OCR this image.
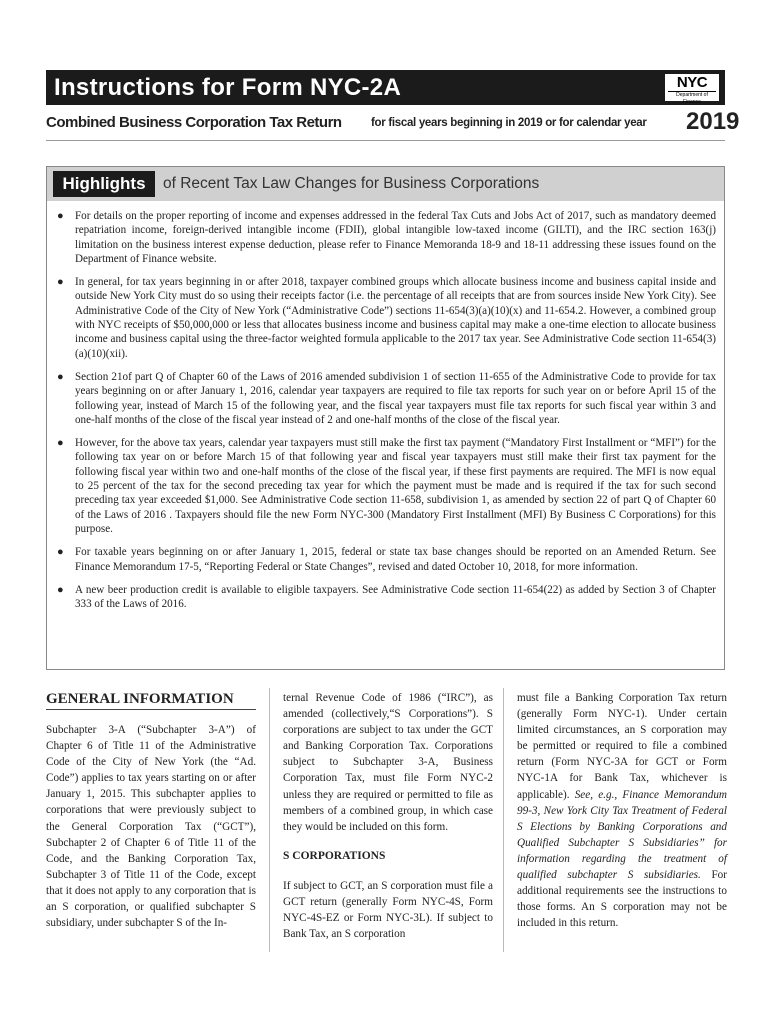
Instructions for Form NYC-2A	NYC
Department of Finance
Combined Business Corporation Tax Return	for fiscal years beginning in 2019 or for calendar year 2019
Highlights	of Recent Tax Law Changes for Business Corporations
● For details on the proper reporting of income and expenses addressed in the federal Tax Cuts and Jobs Act of 2017, such as mandatory deemed repatriation income, foreign-derived intangible income (FDII), global intangible low-taxed income (GILTI), and the IRC section 163(j) limitation on the business interest expense deduction, please refer to Finance Memoranda 18-9 and 18-11 addressing these issues found on the Department of Finance website.
● In general, for tax years beginning in or after 2018, taxpayer combined groups which allocate business income and business capital inside and outside New York City must do so using their receipts factor (i.e. the percentage of all receipts that are from sources inside New York City). See Administrative Code of the City of New York (“Administrative Code”) sections 11-654(3)(a)(10)(x) and 11-654.2. However, a combined group with NYC receipts of $50,000,000 or less that allocates business income and business capital may make a one-time election to allocate business income and business capital using the three-factor weighted formula applicable to the 2017 tax year. See Administrative Code section 11-654(3)(a)(10)(xii).
● Section 21of part Q of Chapter 60 of the Laws of 2016 amended subdivision 1 of section 11-655 of the Administrative Code to provide for tax years beginning on or after January 1, 2016, calendar year taxpayers are required to file tax reports for such year on or before April 15 of the following year, instead of March 15 of the following year, and the fiscal year taxpayers must file tax reports for such fiscal year within 3 and one-half months of the close of the fiscal year instead of 2 and one-half months of the close of the fiscal year.
● However, for the above tax years, calendar year taxpayers must still make the first tax payment (“Mandatory First Installment or “MFI”) for the following tax year on or before March 15 of that following year and fiscal year taxpayers must still make their first tax payment for the following fiscal year within two and one-half months of the close of the fiscal year, if these first payments are required. The MFI is now equal to 25 percent of the tax for the second preceding tax year for which the payment must be made and is required if the tax for such second preceding tax year exceeded $1,000. See Administrative Code section 11-658, subdivision 1, as amended by section 22 of part Q of Chapter 60 of the Laws of 2016 . Taxpayers should file the new Form NYC-300 (Mandatory First Installment (MFI) By Business C Corporations) for this purpose.
● For taxable years beginning on or after January 1, 2015, federal or state tax base changes should be reported on an Amended Return. See Finance Memorandum 17-5, “Reporting Federal or State Changes”, revised and dated October 10, 2018, for more information.
● A new beer production credit is available to eligible taxpayers. See Administrative Code section 11-654(22) as added by Section 3 of Chapter 333 of the Laws of 2016.
GENERAL INFORMATION

Subchapter 3-A (“Subchapter 3-A”) of Chapter 6 of Title 11 of the Administrative Code of the City of New York (the “Ad. Code”) applies to tax years starting on or after January 1, 2015. This subchapter applies to corporations that were previously subject to the General Corporation Tax (“GCT”), Subchapter 2 of Chapter 6 of Title 11 of the Code, and the Banking Corporation Tax, Subchapter 3 of Title 11 of the Code, except that it does not apply to any corporation that is an S corporation, or qualified subchapter S subsidiary, under subchapter S of the In-

ternal Revenue Code of 1986 (“IRC”), as amended (collectively,“S Corporations”). S corporations are subject to tax under the GCT and Banking Corporation Tax. Corporations subject to Subchapter 3-A, Business Corporation Tax, must file Form NYC-2 unless they are required or permitted to file as members of a combined group, in which case they would be included on this form.

S CORPORATIONS

If subject to GCT, an S corporation must file a GCT return (generally Form NYC-4S, Form NYC-4S-EZ or Form NYC-3L). If subject to Bank Tax, an S corporation

must file a Banking Corporation Tax return (generally Form NYC-1). Under certain limited circumstances, an S corporation may be permitted or required to file a combined return (Form NYC-3A for GCT or Form NYC-1A for Bank Tax, whichever is applicable). See, e.g., Finance Memorandum 99-3, New York City Tax Treatment of Federal S Elections by Banking Corporations and Qualified Subchapter S Subsidiaries” for information regarding the treatment of qualified subchapter S subsidiaries. For additional requirements see the instructions to those forms. An S corporation may not be included in this return.
